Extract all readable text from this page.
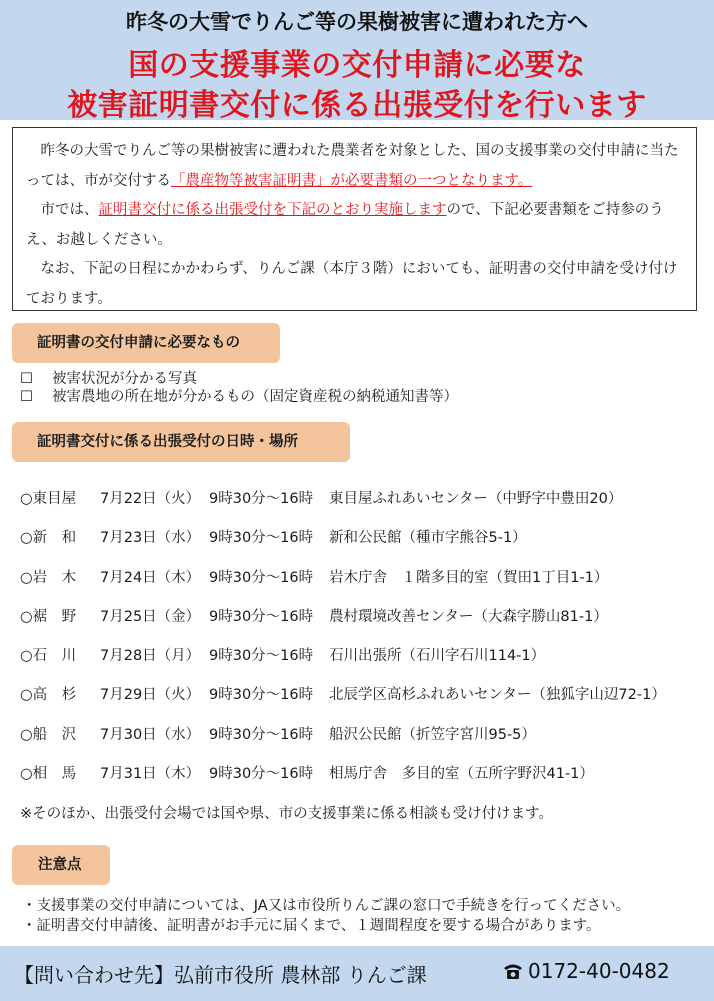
昨冬の大雪でりんご等の果樹被害に遭われた方へ
国の支援事業の交付申請に必要な
被害証明書交付に係る出張受付を行います

　昨冬の大雪でりんご等の果樹被害に遭われた農業者を対象とした、国の支援事業の交付申請に当たっては、市が交付する「農産物等被害証明書」が必要書類の一つとなります。

　市では、証明書交付に係る出張受付を下記のとおり実施しますので、下記必要書類をご持参のうえ、お越しください。

　なお、下記の日程にかかわらず、りんご課（本庁３階）においても、証明書の交付申請を受け付けております。

証明書の交付申請に必要なもの
☐	被害状況が分かる写真
☐	被害農地の所在地が分かるもの（固定資産税の納税通知書等）
証明書交付に係る出張受付の日時・場所
○東目屋 7月22日（火） 9時30分～16時 東目屋ふれあいセンター（中野字中豊田20）
○新　和 7月23日（水） 9時30分～16時 新和公民館（種市字熊谷5-1）
○岩　木 7月24日（木） 9時30分～16時 岩木庁舎　１階多目的室（賀田1丁目1-1）
○裾　野 7月25日（金） 9時30分～16時 農村環境改善センター（大森字勝山81-1）
○石　川 7月28日（月） 9時30分～16時 石川出張所（石川字石川114-1）
○高　杉 7月29日（火） 9時30分～16時 北辰学区高杉ふれあいセンター（独狐字山辺72-1）
○船　沢 7月30日（水） 9時30分～16時 船沢公民館（折笠字宮川95-5）
○相　馬 7月31日（木） 9時30分～16時 相馬庁舎　多目的室（五所字野沢41-1）
※そのほか、出張受付会場では国や県、市の支援事業に係る相談も受け付けます。
注意点
・支援事業の交付申請については、JA又は市役所りんご課の窓口で手続きを行ってください。
・証明書交付申請後、証明書がお手元に届くまで、１週間程度を要する場合があります。
【問い合わせ先】弘前市役所 農林部 りんご課	0172-40-0482
